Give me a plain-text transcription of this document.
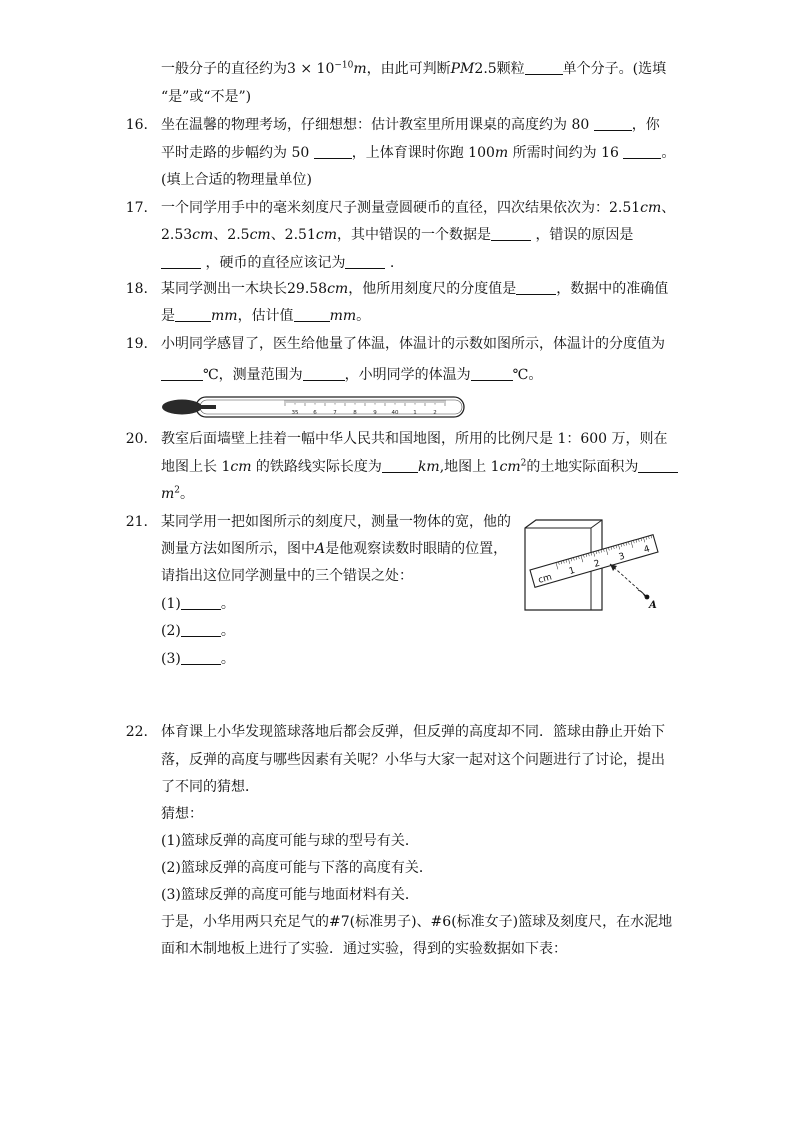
一般分子的直径约为$3 \times 10^{-10}m$，由此可判断PM2.5颗粒	单个分子。(选填
“是”或“不是”)
16. 坐在温馨的物理考场，仔细想想：估计教室里所用课桌的高度约为 80	，你
平时走路的步幅约为 50	，上体育课时你跑 100m 所需时间约为 16	。
(填上合适的物理量单位)
17. 一个同学用手中的毫米刻度尺子测量壹圆硬币的直径，四次结果依次为：2.51cm、
2.53cm、2.5cm、2.51cm，其中错误的一个数据是	，错误的原因是
，硬币的直径应该记为	.
18. 某同学测出一木块长29.58cm，他所用刻度尺的分度值是	，数据中的准确值
是	mm，估计值	mm。
19. 小明同学感冒了，医生给他量了体温，体温计的示数如图所示，体温计的分度值为
℃，测量范围为	，小明同学的体温为	℃。
35	6	7	8	9	40	1	2
20. 教室后面墙壁上挂着一幅中华人民共和国地图，所用的比例尺是 1：600 万，则在
地图上长 1cm 的铁路线实际长度为	km,地图上 $1cm^2$的土地实际面积为
$m^2$。
21. 某同学用一把如图所示的刻度尺，测量一物体的宽，他的
测量方法如图所示，图中A是他观察读数时眼睛的位置，
请指出这位同学测量中的三个错误之处：
(1)	。
(2)	。
(3)	。
cm
1
2
3
4
A
22. 体育课上小华发现篮球落地后都会反弹，但反弹的高度却不同．篮球由静止开始下
落，反弹的高度与哪些因素有关呢？小华与大家一起对这个问题进行了讨论，提出
了不同的猜想．
猜想：
(1)篮球反弹的高度可能与球的型号有关．
(2)篮球反弹的高度可能与下落的高度有关．
(3)篮球反弹的高度可能与地面材料有关．
于是，小华用两只充足气的#7(标准男子)、#6(标准女子)篮球及刻度尺，在水泥地
面和木制地板上进行了实验．通过实验，得到的实验数据如下表：
